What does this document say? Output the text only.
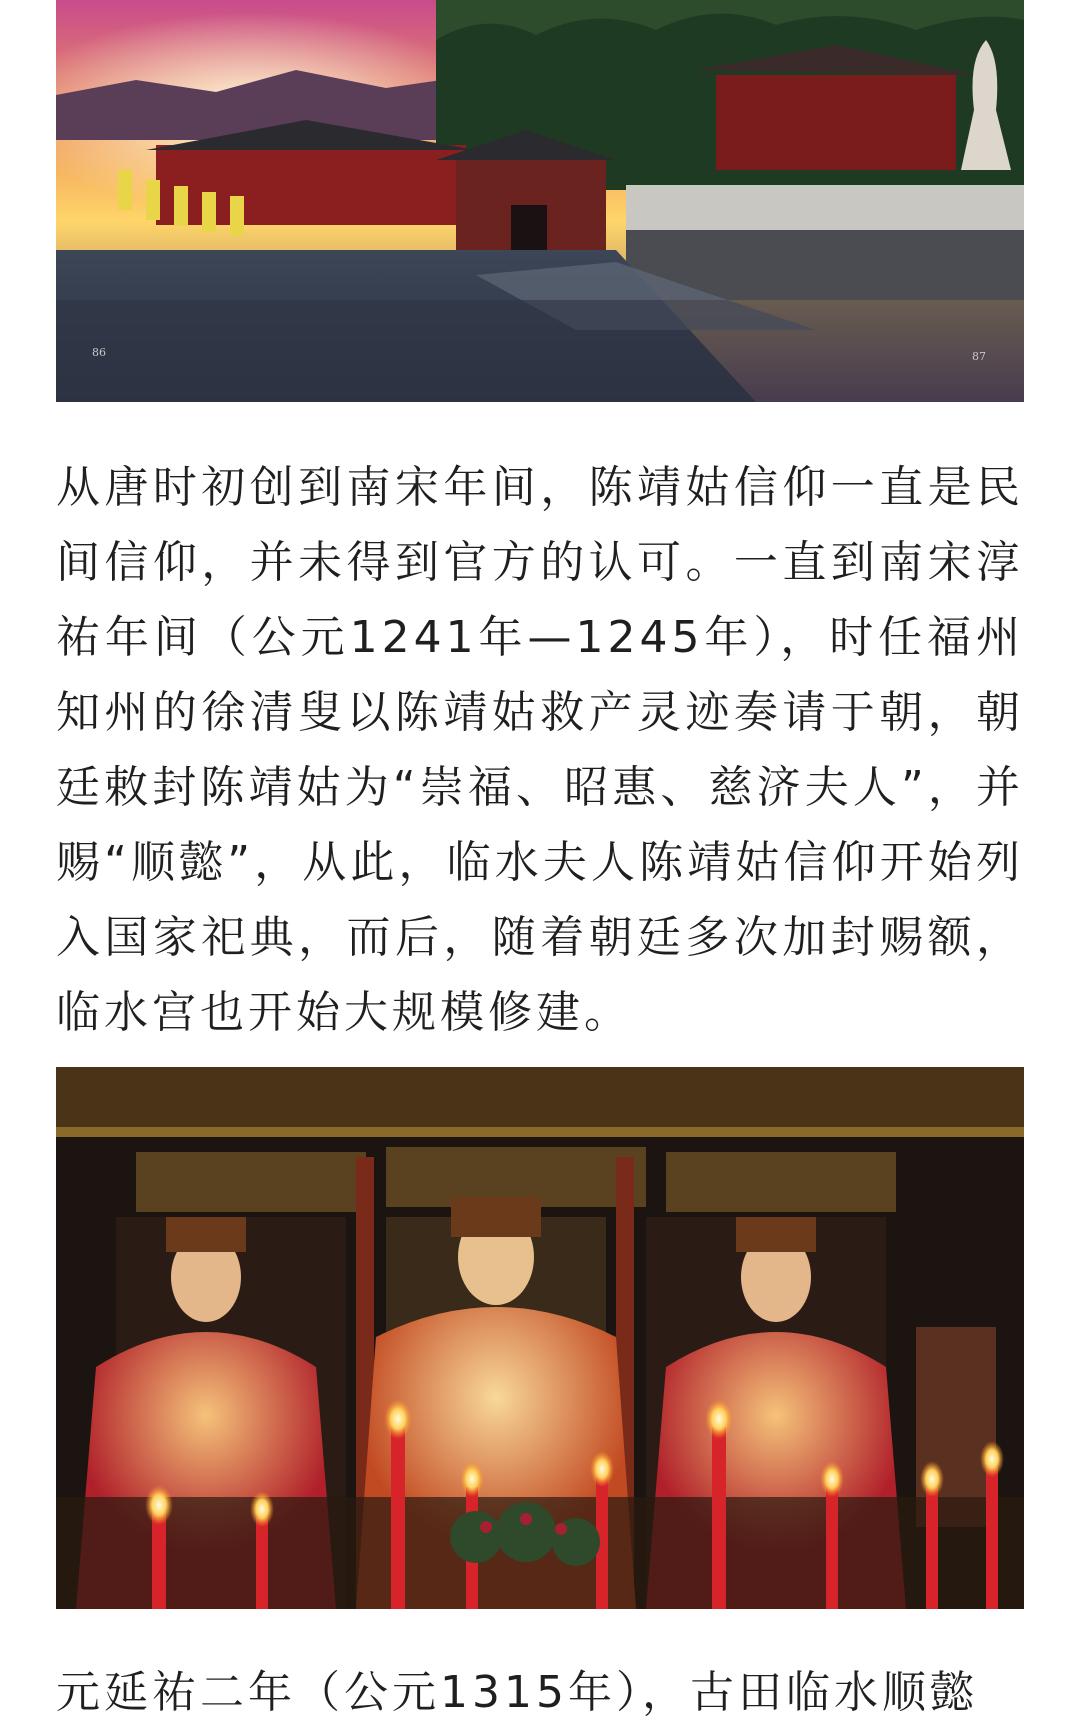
86	87

从唐时初创到南宋年间，陈靖姑信仰一直是民间信仰，并未得到官方的认可。一直到南宋淳祐年间（公元1241年—1245年），时任福州知州的徐清叟以陈靖姑救产灵迹奏请于朝，朝廷敕封陈靖姑为“崇福、昭惠、慈济夫人”，并赐“顺懿”，从此，临水夫人陈靖姑信仰开始列入国家祀典，而后，随着朝廷多次加封赐额，临水宫也开始大规模修建。

元延祐二年（公元1315年），古田临水顺懿
